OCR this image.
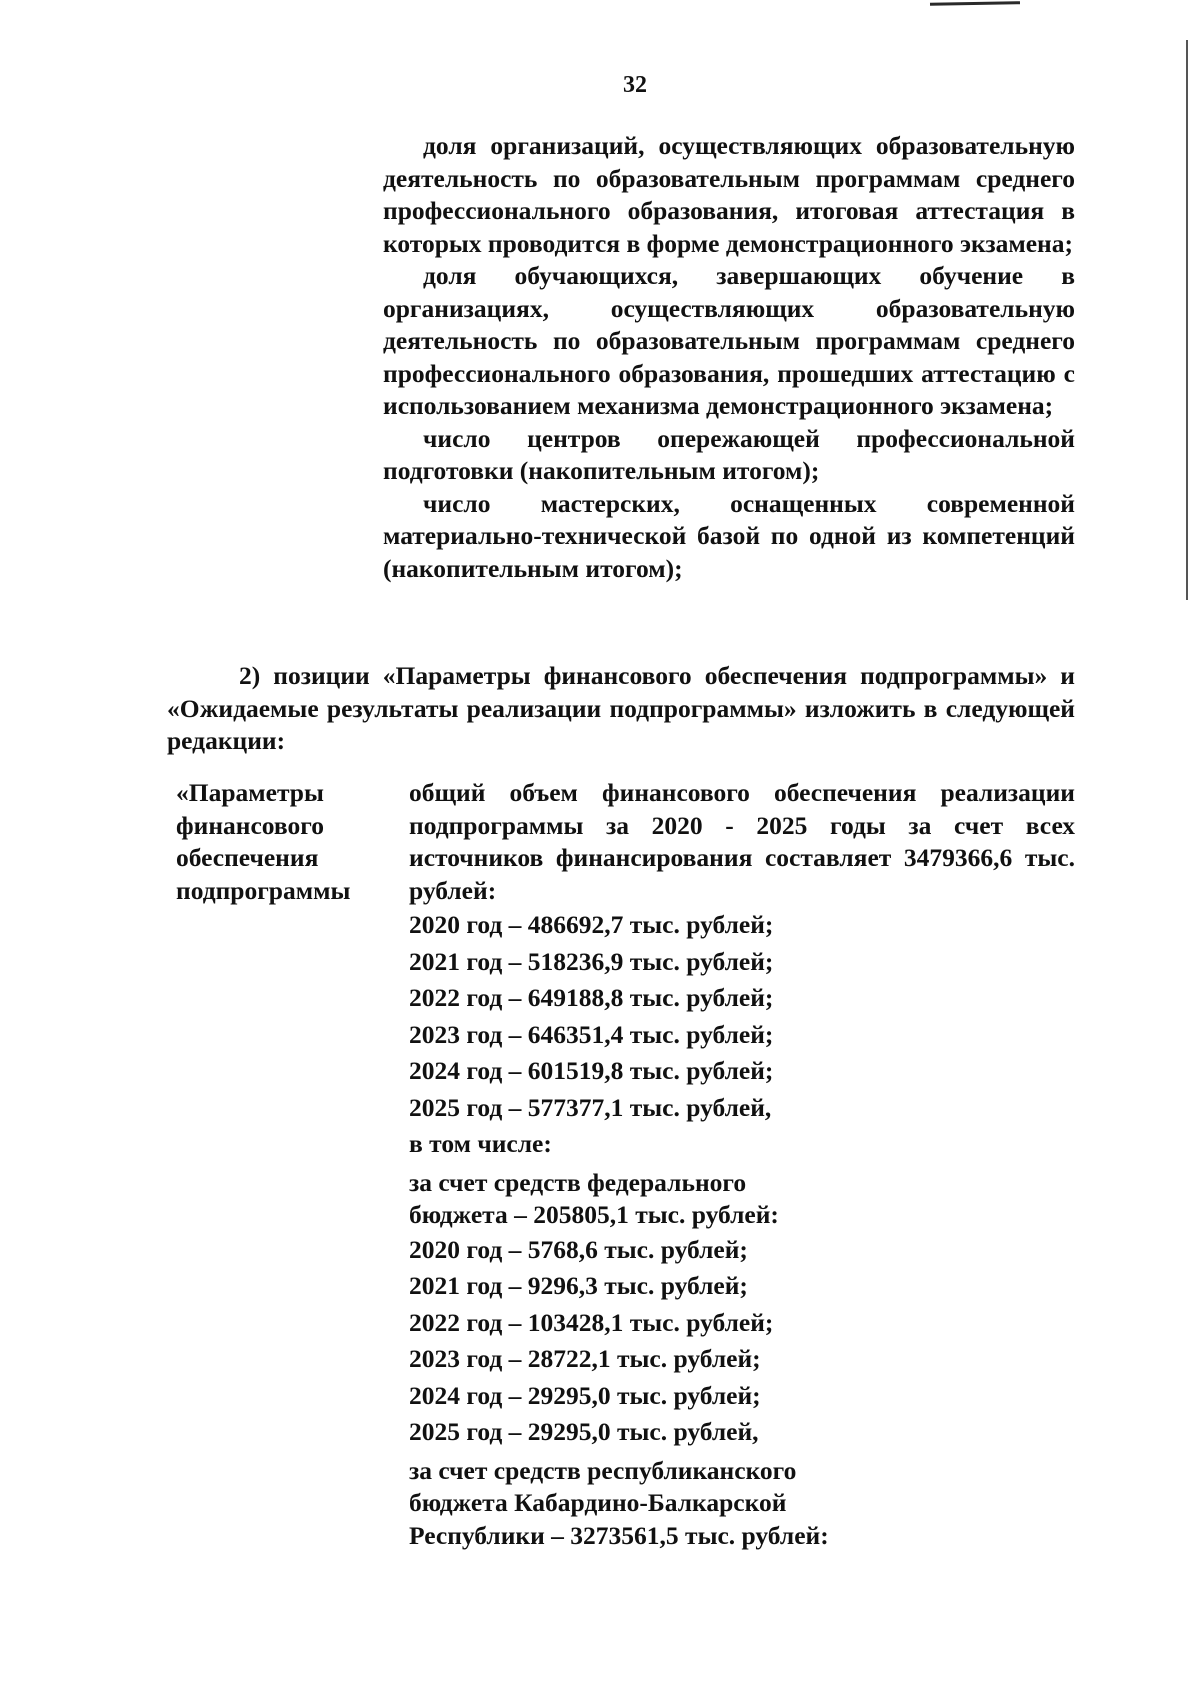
32

доля организаций, осуществляющих образовательную деятельность по образовательным программам среднего профессионального образования, итоговая аттестация в которых проводится в форме демонстрационного экзамена;

доля обучающихся, завершающих обучение в организациях, осуществляющих образовательную деятельность по образовательным программам среднего профессионального образования, прошедших аттестацию с использованием механизма демонстрационного экзамена;

число центров опережающей профессиональной подготовки (накопительным итогом);

число мастерских, оснащенных современной материально-технической базой по одной из компетенций (накопительным итогом);

2) позиции «Параметры финансового обеспечения подпрограммы» и «Ожидаемые результаты реализации подпрограммы» изложить в следующей редакции:

«Параметры
финансового
обеспечения
подпрограммы

общий объем финансового обеспечения реализации подпрограммы за 2020 - 2025 годы за счет всех источников финансирования составляет 3479366,6 тыс. рублей:

2020 год – 486692,7 тыс. рублей;
2021 год – 518236,9 тыс. рублей;
2022 год – 649188,8 тыс. рублей;
2023 год – 646351,4 тыс. рублей;
2024 год – 601519,8 тыс. рублей;
2025 год – 577377,1 тыс. рублей,
в том числе:
за счет средств федерального
бюджета – 205805,1 тыс. рублей:
2020 год – 5768,6 тыс. рублей;
2021 год – 9296,3 тыс. рублей;
2022 год – 103428,1 тыс. рублей;
2023 год – 28722,1 тыс. рублей;
2024 год – 29295,0 тыс. рублей;
2025 год – 29295,0 тыс. рублей,
за счет средств республиканского
бюджета Кабардино-Балкарской
Республики – 3273561,5 тыс. рублей:
